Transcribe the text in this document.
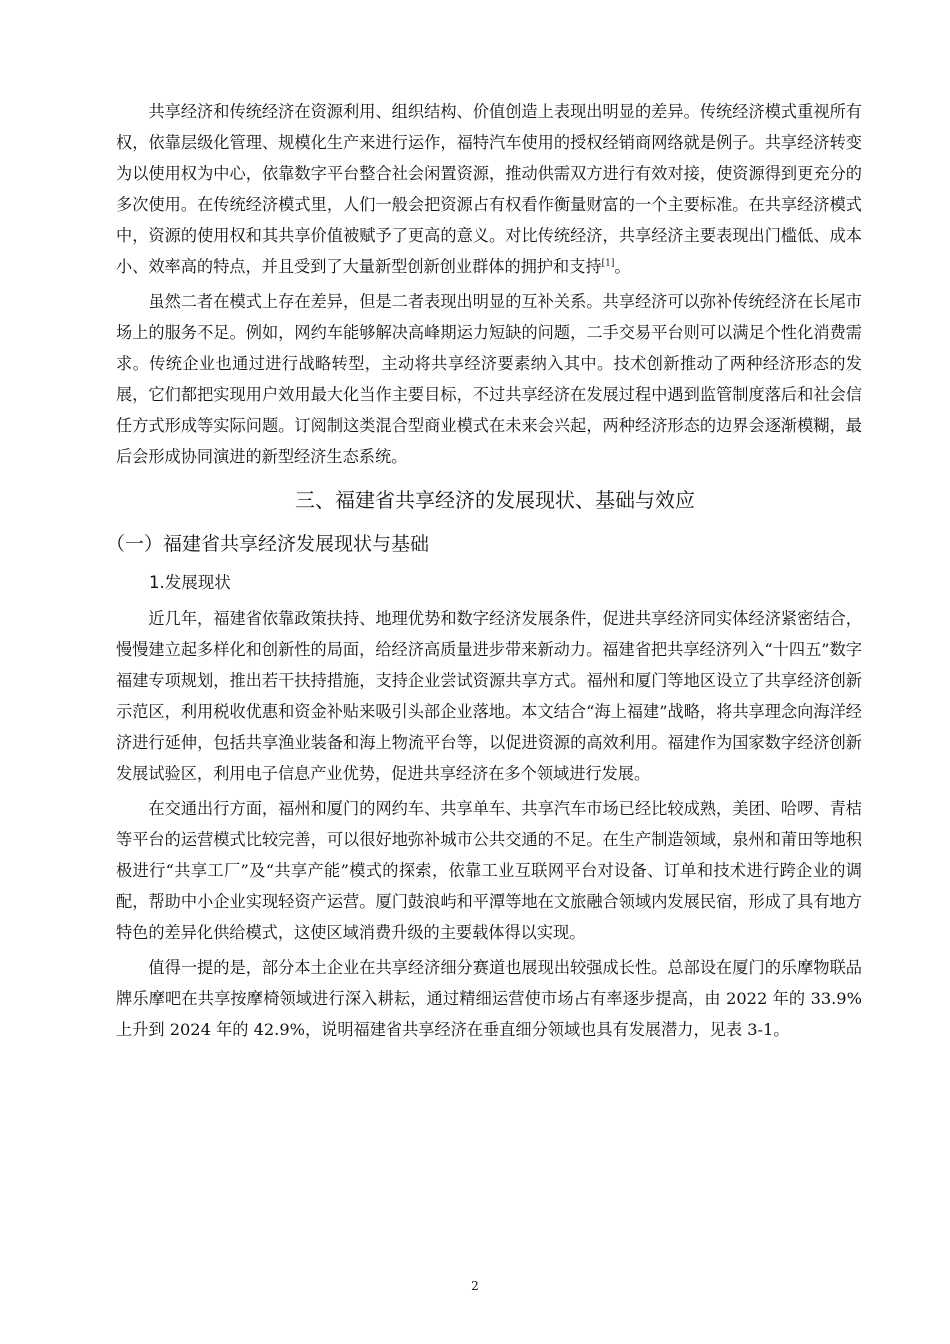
共享经济和传统经济在资源利用、组织结构、价值创造上表现出明显的差异。传统经济模式重视所有权，依靠层级化管理、规模化生产来进行运作，福特汽车使用的授权经销商网络就是例子。共享经济转变为以使用权为中心，依靠数字平台整合社会闲置资源，推动供需双方进行有效对接，使资源得到更充分的多次使用。在传统经济模式里，人们一般会把资源占有权看作衡量财富的一个主要标准。在共享经济模式中，资源的使用权和其共享价值被赋予了更高的意义。对比传统经济，共享经济主要表现出门槛低、成本小、效率高的特点，并且受到了大量新型创新创业群体的拥护和支持[1]。

虽然二者在模式上存在差异，但是二者表现出明显的互补关系。共享经济可以弥补传统经济在长尾市场上的服务不足。例如，网约车能够解决高峰期运力短缺的问题，二手交易平台则可以满足个性化消费需求。传统企业也通过进行战略转型，主动将共享经济要素纳入其中。技术创新推动了两种经济形态的发展，它们都把实现用户效用最大化当作主要目标，不过共享经济在发展过程中遇到监管制度落后和社会信任方式形成等实际问题。订阅制这类混合型商业模式在未来会兴起，两种经济形态的边界会逐渐模糊，最后会形成协同演进的新型经济生态系统。

三、福建省共享经济的发展现状、基础与效应
（一）福建省共享经济发展现状与基础
1.发展现状

近几年，福建省依靠政策扶持、地理优势和数字经济发展条件，促进共享经济同实体经济紧密结合，慢慢建立起多样化和创新性的局面，给经济高质量进步带来新动力。福建省把共享经济列入“十四五”数字福建专项规划，推出若干扶持措施，支持企业尝试资源共享方式。福州和厦门等地区设立了共享经济创新示范区，利用税收优惠和资金补贴来吸引头部企业落地。本文结合“海上福建”战略，将共享理念向海洋经济进行延伸，包括共享渔业装备和海上物流平台等，以促进资源的高效利用。福建作为国家数字经济创新发展试验区，利用电子信息产业优势，促进共享经济在多个领域进行发展。

在交通出行方面，福州和厦门的网约车、共享单车、共享汽车市场已经比较成熟，美团、哈啰、青桔等平台的运营模式比较完善，可以很好地弥补城市公共交通的不足。在生产制造领域，泉州和莆田等地积极进行“共享工厂”及“共享产能”模式的探索，依靠工业互联网平台对设备、订单和技术进行跨企业的调配，帮助中小企业实现轻资产运营。厦门鼓浪屿和平潭等地在文旅融合领域内发展民宿，形成了具有地方特色的差异化供给模式，这使区域消费升级的主要载体得以实现。

值得一提的是，部分本土企业在共享经济细分赛道也展现出较强成长性。总部设在厦门的乐摩物联品牌乐摩吧在共享按摩椅领域进行深入耕耘，通过精细运营使市场占有率逐步提高，由 2022 年的 33.9%上升到 2024 年的 42.9%，说明福建省共享经济在垂直细分领域也具有发展潜力，见表 3-1。

2
